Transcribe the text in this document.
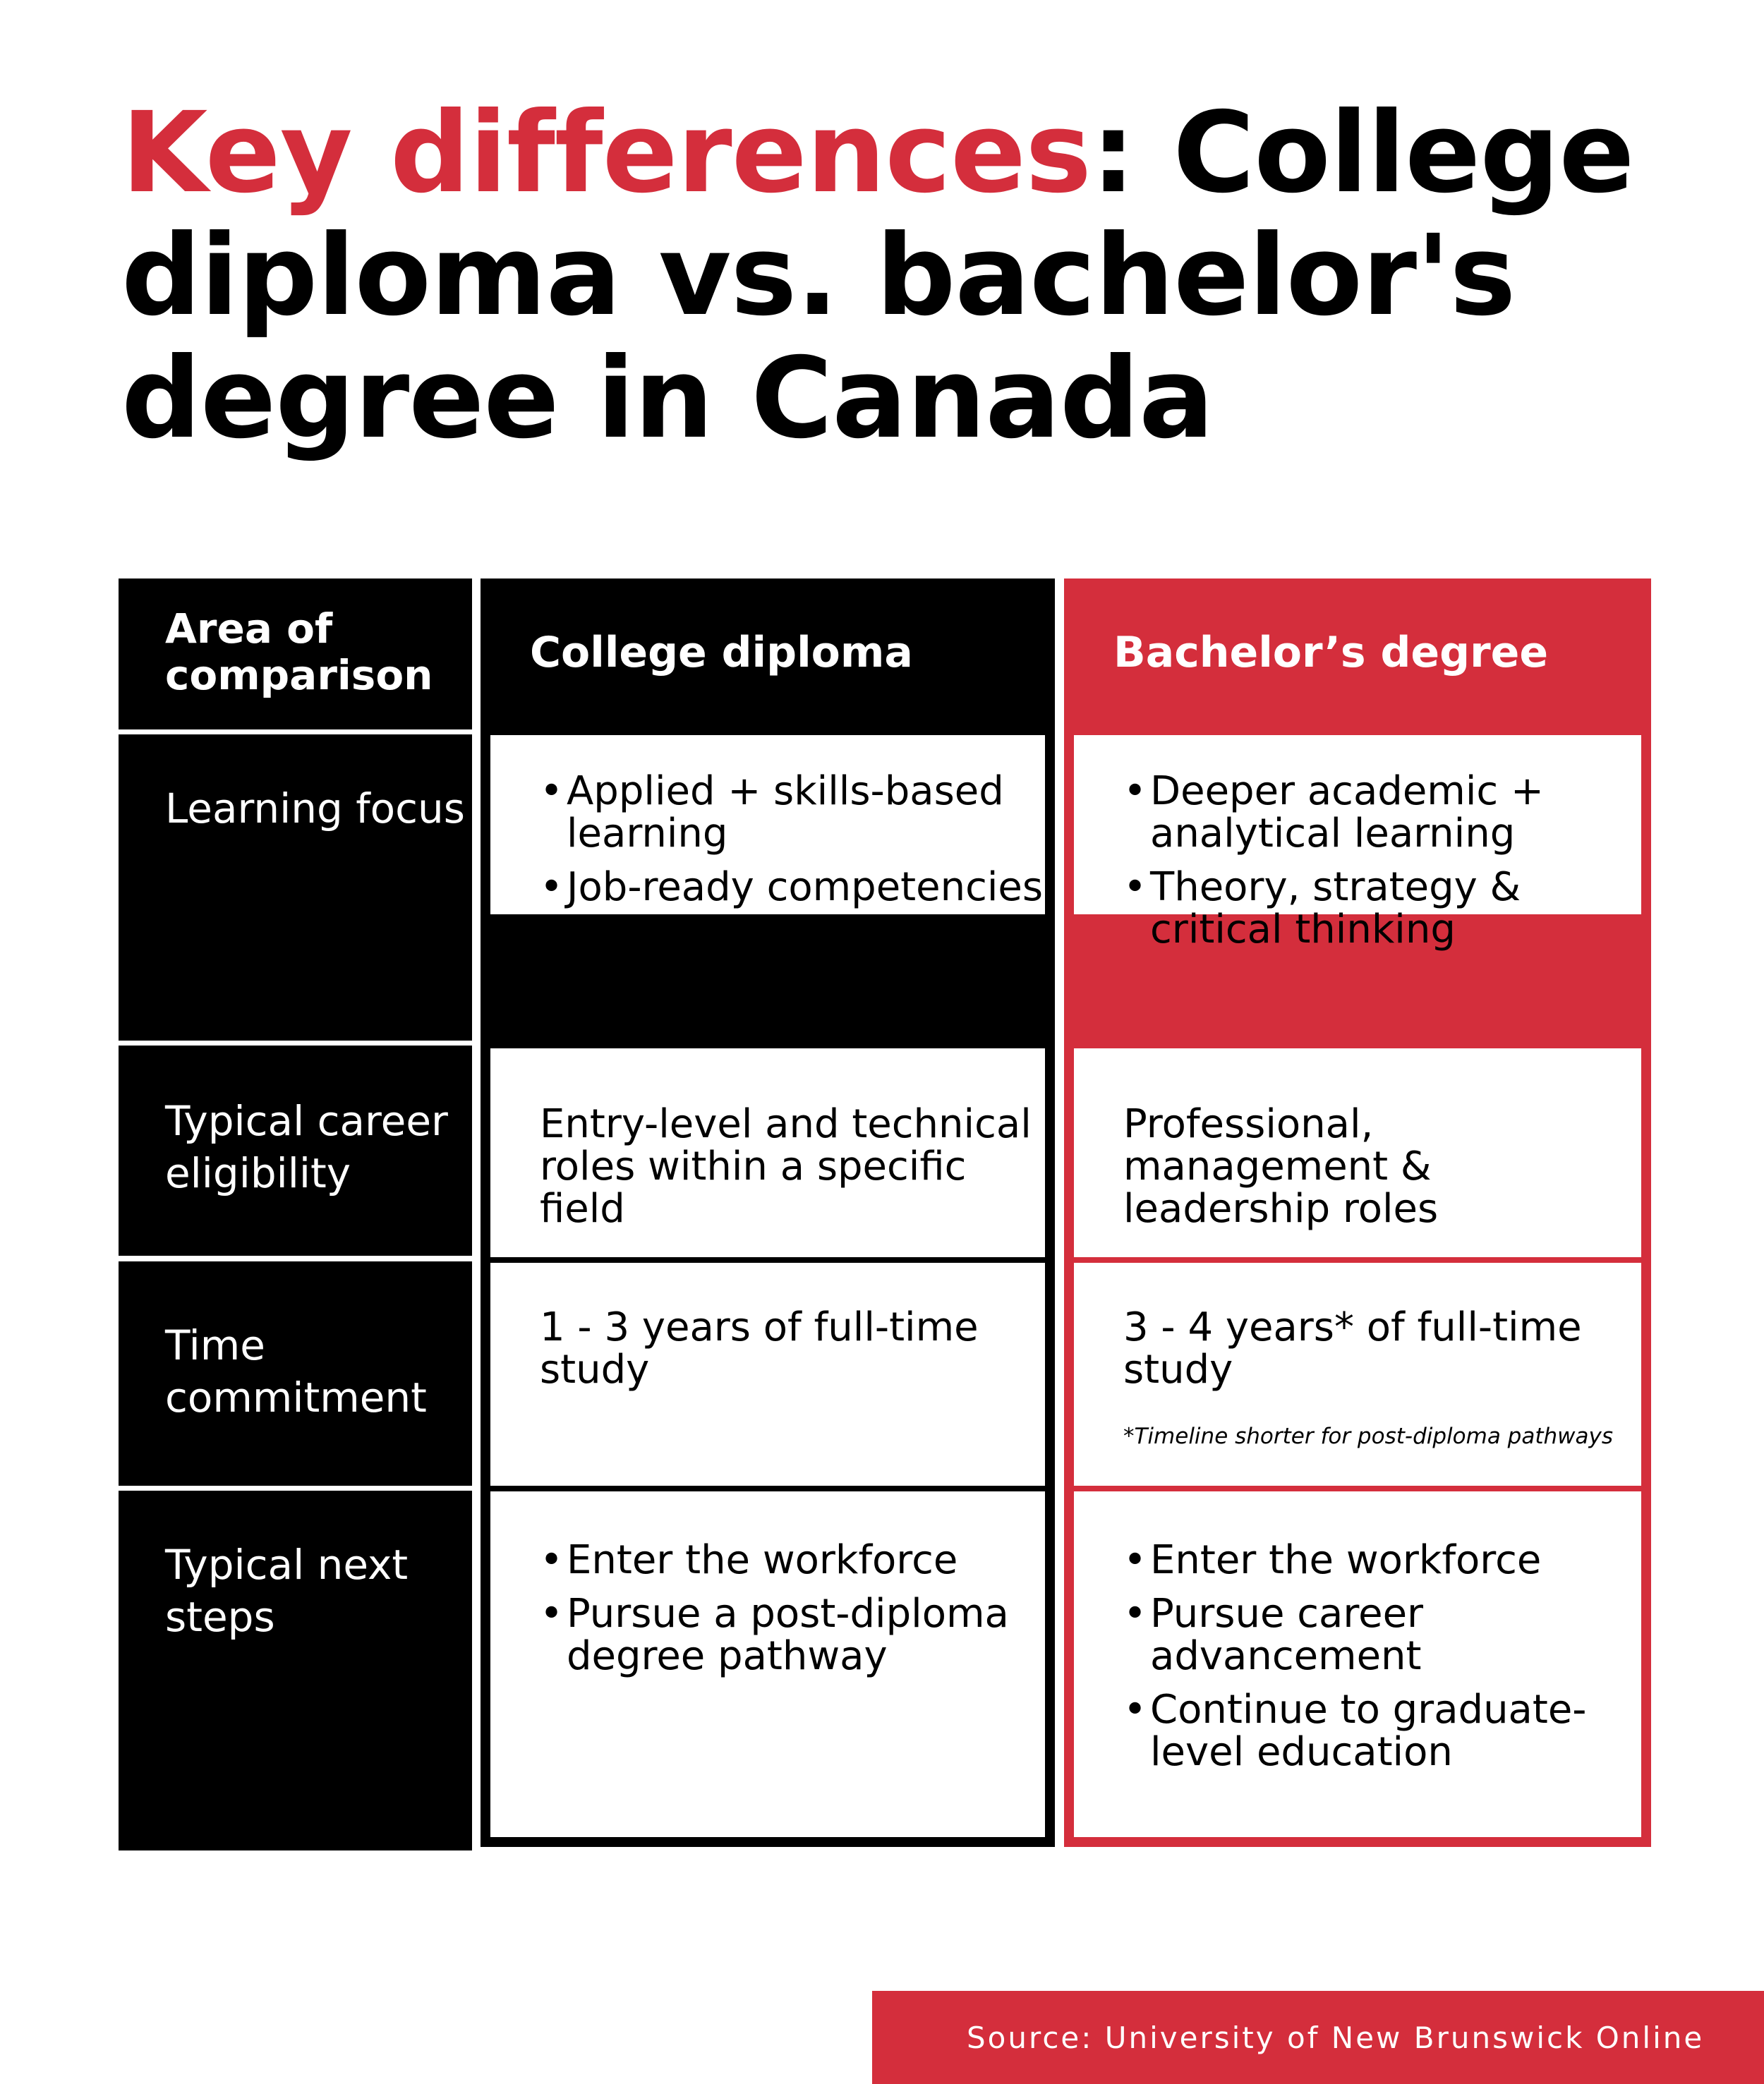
Key differences: College diploma vs. bachelor's degree in Canada
Area of comparison
Learning focus
Typical career eligibility
Time commitment
Typical next steps
College diploma
• Applied + skills-based learning
• Job-ready competencies
• Practical training

Entry-level and technical roles within a specific field

1 - 3 years of full-time study

• Enter the workforce
• Pursue a post-diploma degree pathway
Bachelor’s degree
• Deeper academic + analytical learning
• Theory, strategy & critical thinking

Professional, management & leadership roles

3 - 4 years* of full-time study

*Timeline shorter for post-diploma pathways
• Enter the workforce
• Pursue career advancement
• Continue to graduate-level education
Source: University of New Brunswick Online
